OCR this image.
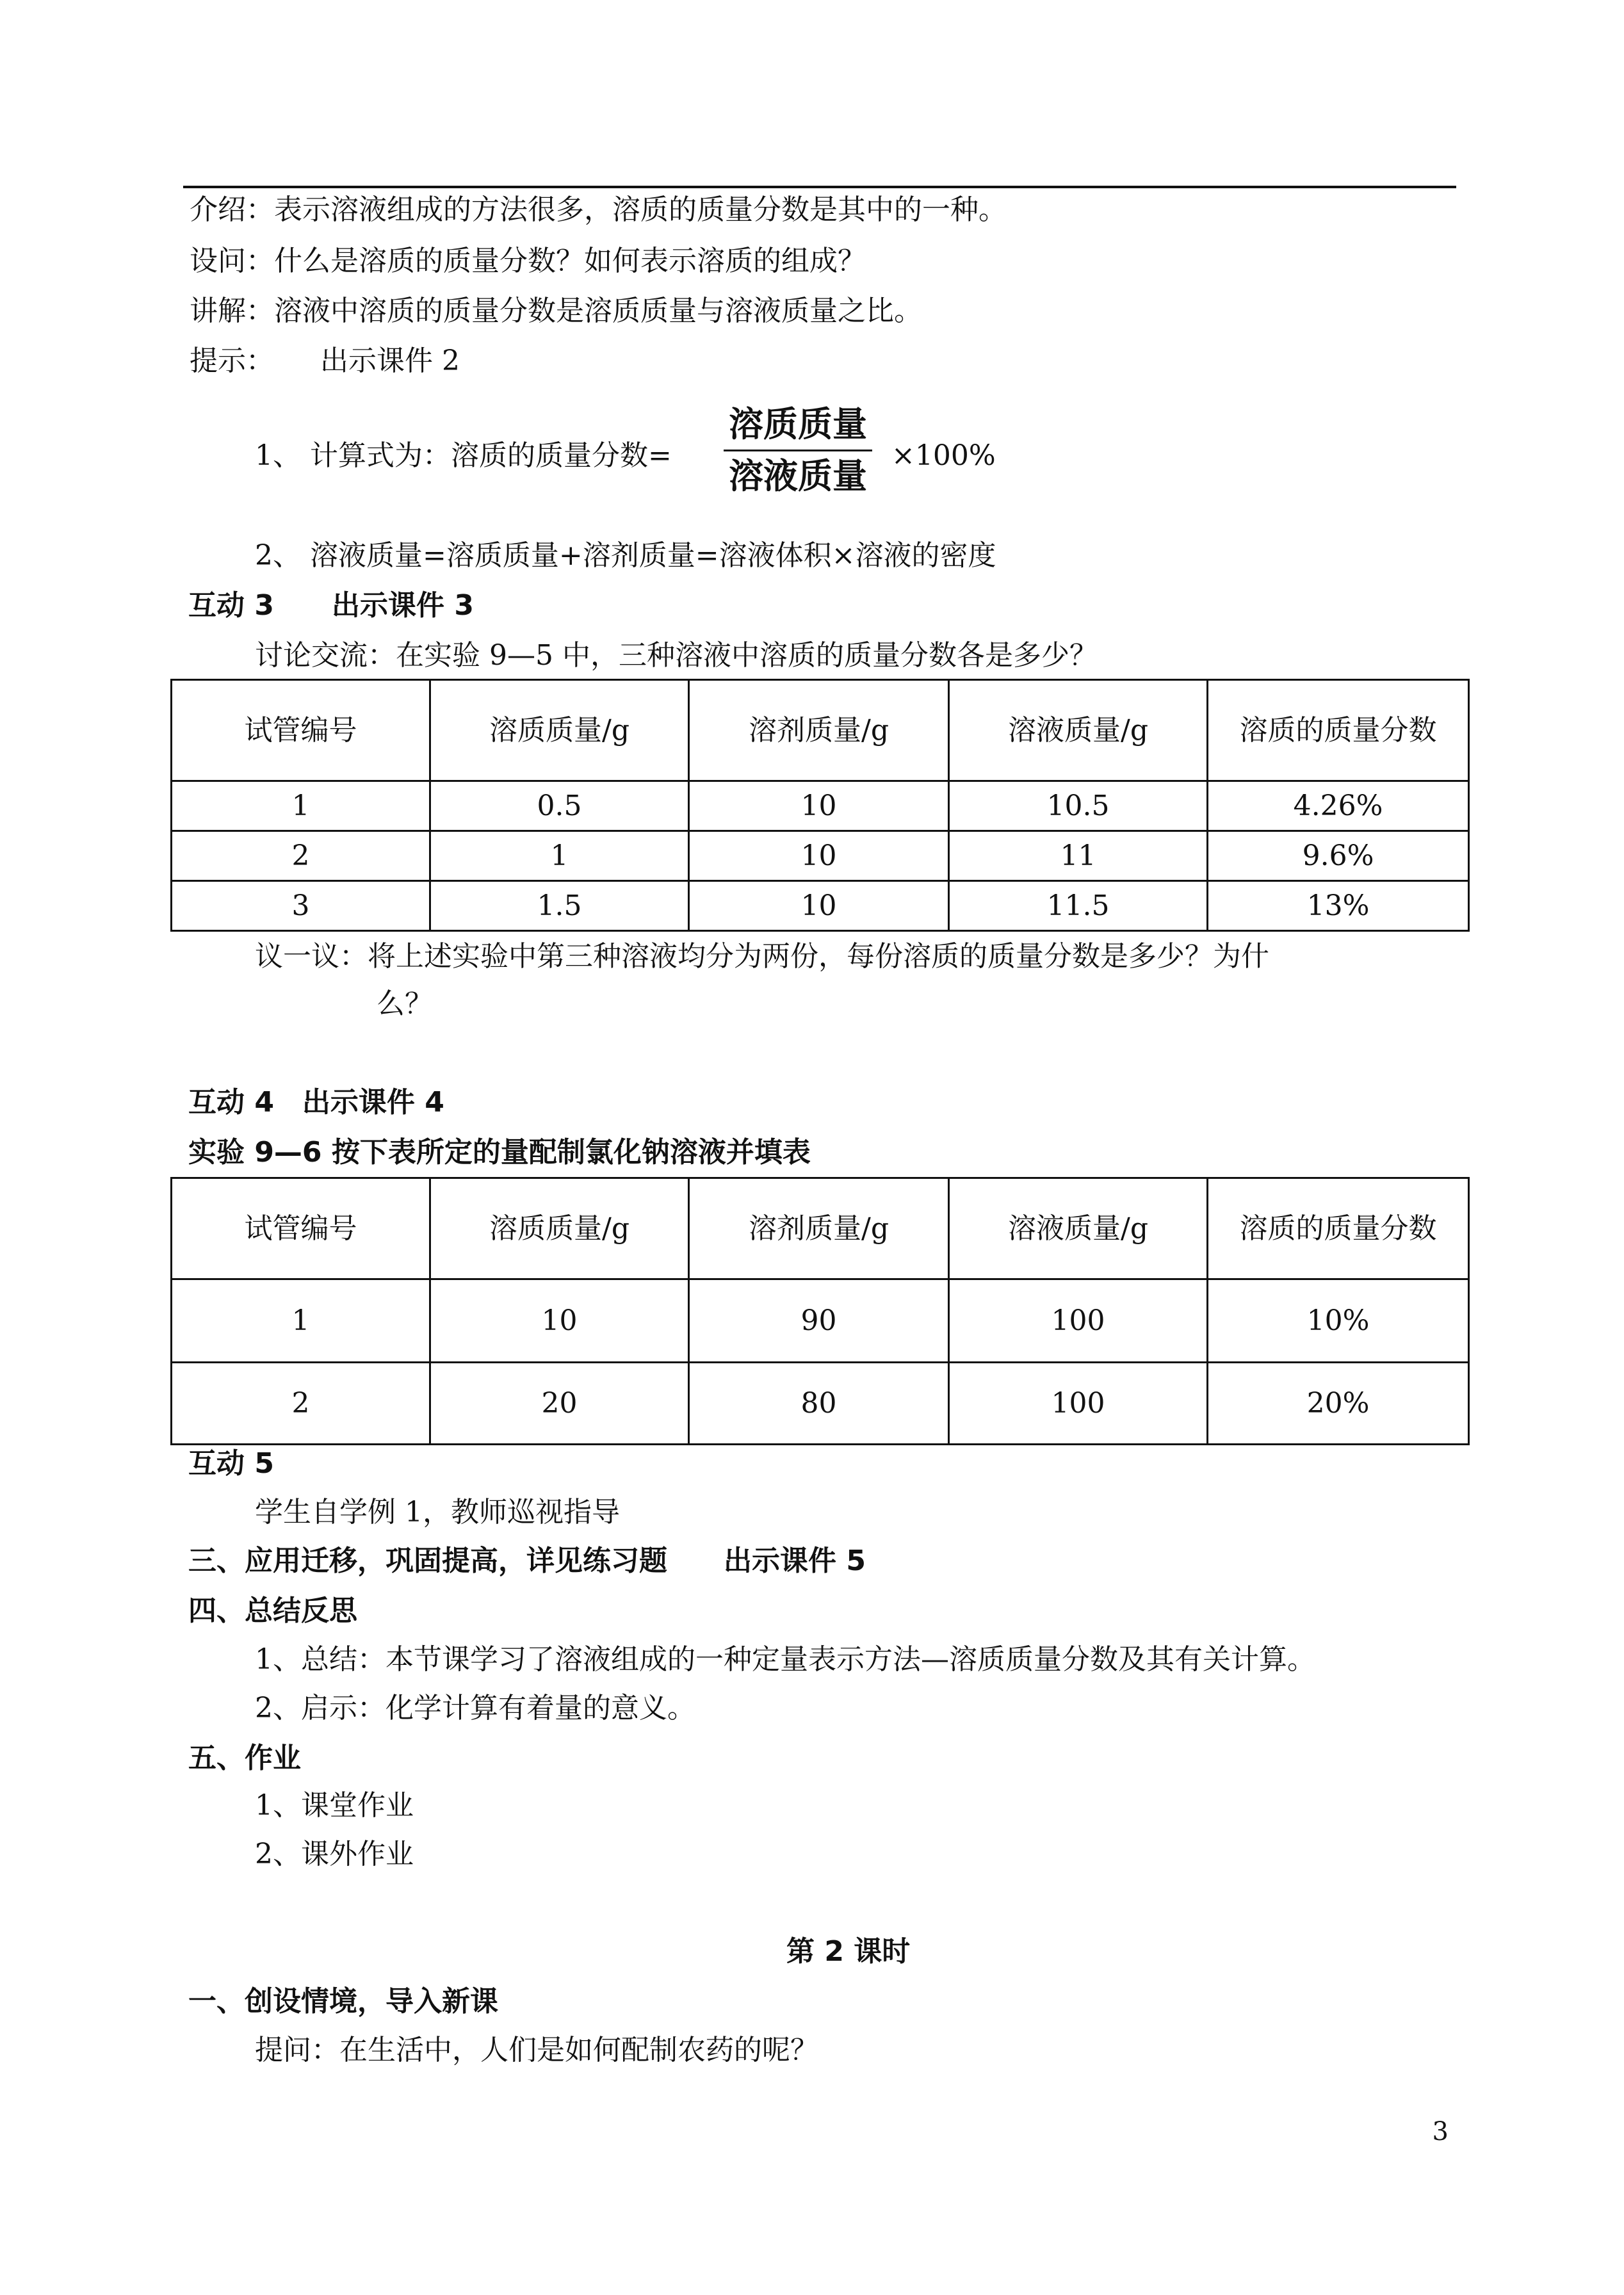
介绍：表示溶液组成的方法很多，溶质的质量分数是其中的一种。
设问：什么是溶质的质量分数？如何表示溶质的组成？
讲解：溶液中溶质的质量分数是溶质质量与溶液质量之比。
提示： 出示课件 2
1、 计算式为：溶质的质量分数=
溶质质量
溶液质量
×100%
2、 溶液质量=溶质质量+溶剂质量=溶液体积×溶液的密度
互动 3 出示课件 3
讨论交流：在实验 9—5 中，三种溶液中溶质的质量分数各是多少？
试管编号	溶质质量/g	溶剂质量/g	溶液质量/g	溶质的质量分数
1	0.5	10	10.5	4.26%
2	1	10	11	9.6%
3	1.5	10	11.5	13%
议一议：将上述实验中第三种溶液均分为两份，每份溶质的质量分数是多少？为什
么？
互动 4　出示课件 4
实验 9—6 按下表所定的量配制氯化钠溶液并填表
试管编号	溶质质量/g	溶剂质量/g	溶液质量/g	溶质的质量分数
1	10	90	100	10%
2	20	80	100	20%
互动 5
学生自学例 1，教师巡视指导
三、应用迁移，巩固提高，详见练习题　　出示课件 5
四、总结反思
1、总结：本节课学习了溶液组成的一种定量表示方法—溶质质量分数及其有关计算。
2、启示：化学计算有着量的意义。
五、作业
1、课堂作业
2、课外作业
第 2 课时
一、创设情境，导入新课
提问：在生活中，人们是如何配制农药的呢？
3
